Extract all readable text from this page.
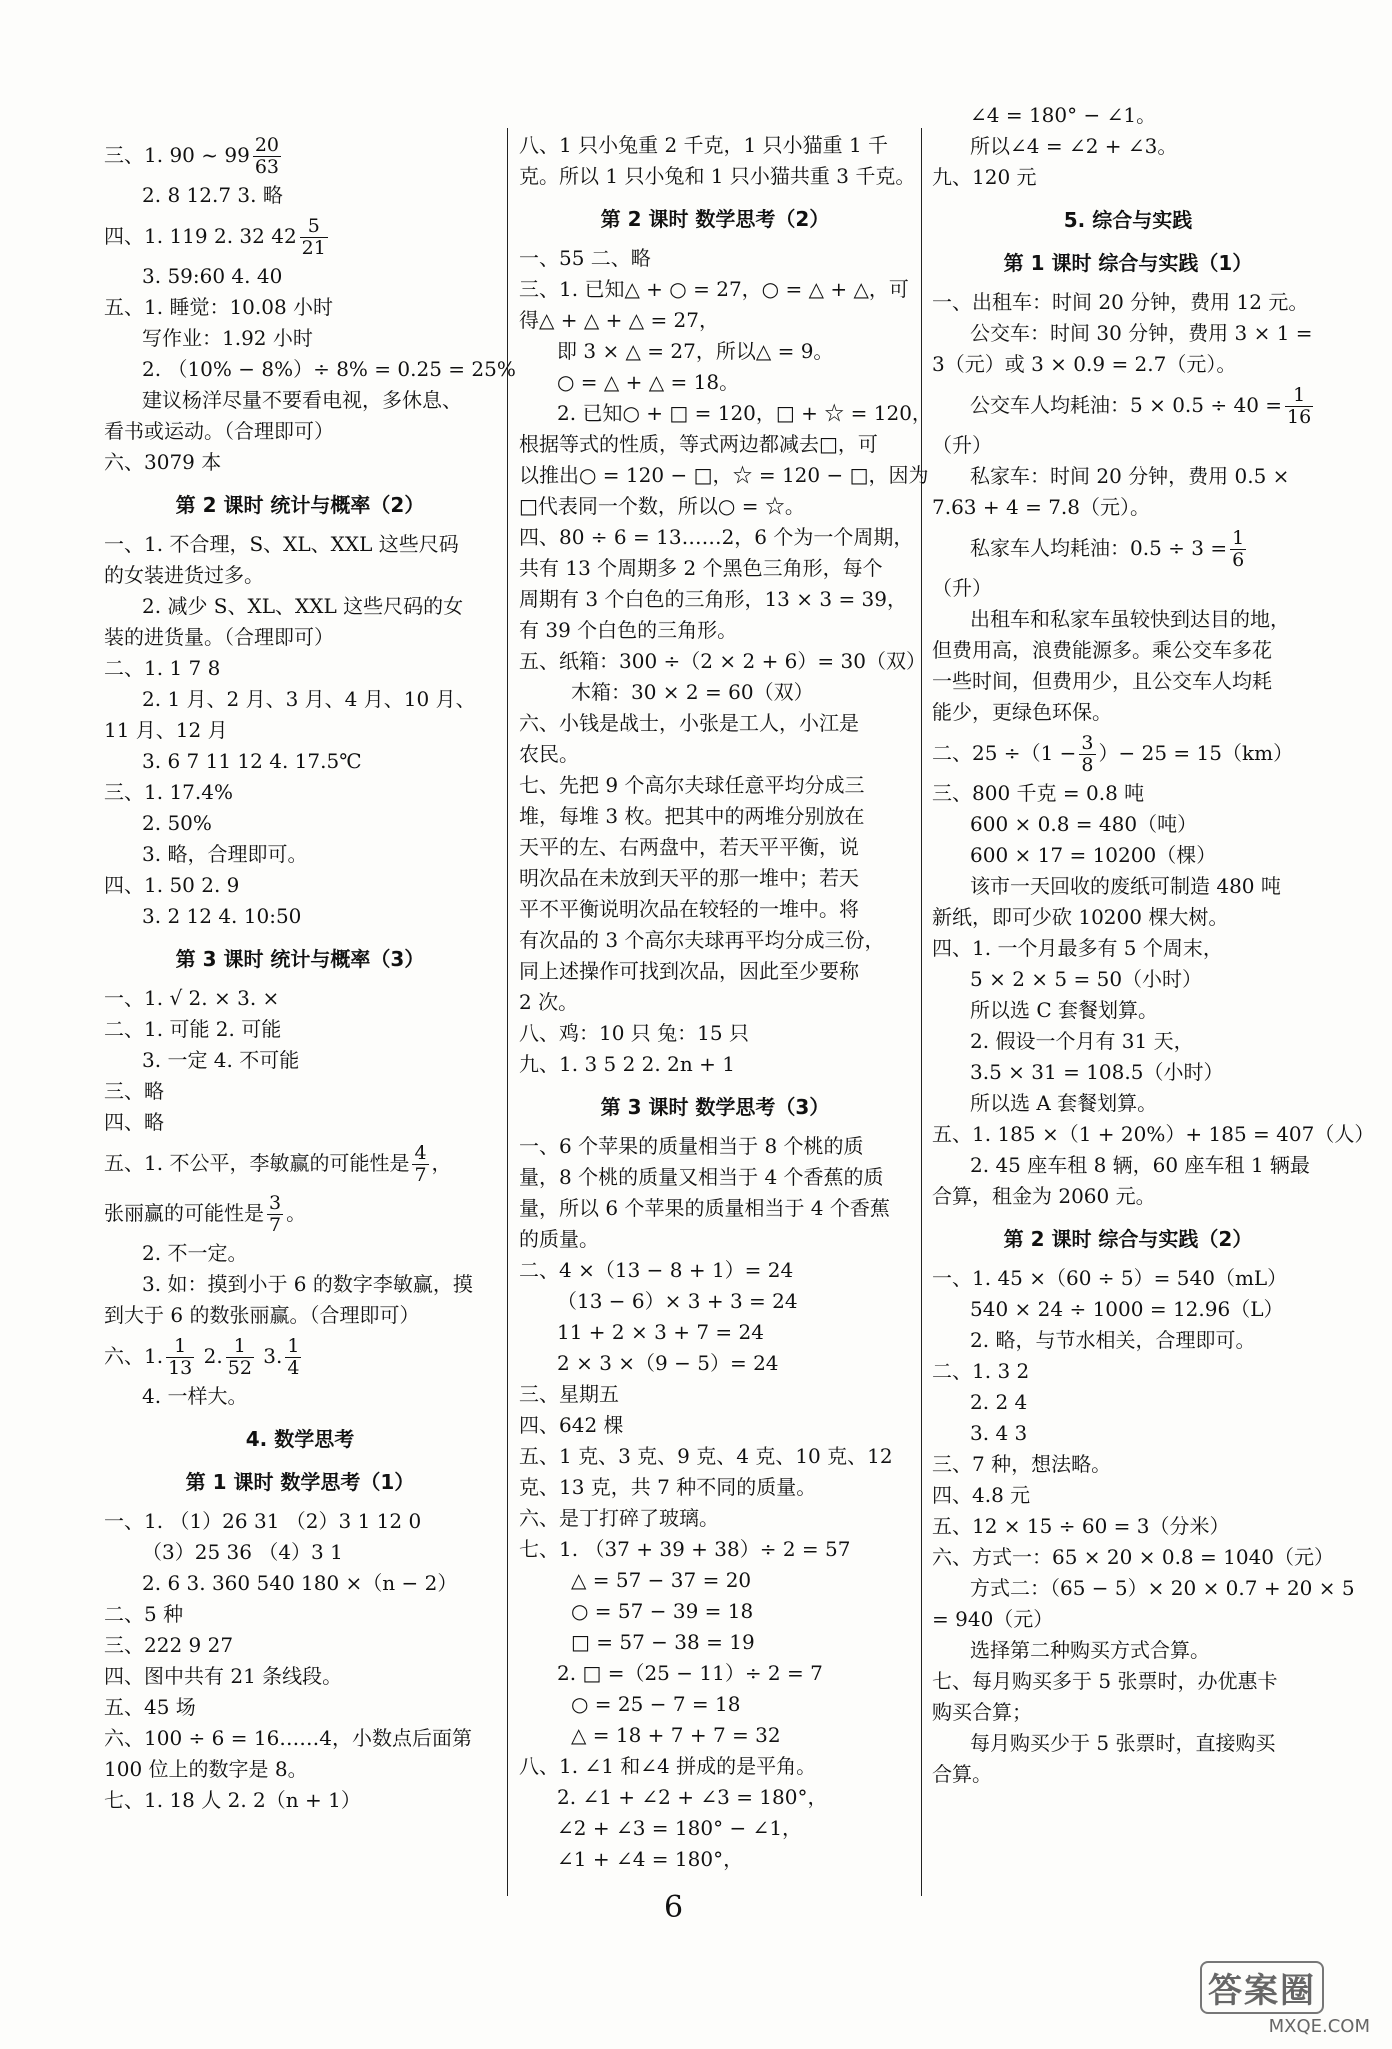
三、1. 90 ~ $99 \frac{20}{63}$
2. 8 12.7 3. 略
四、1. 119 2. 32 $42 \frac{5}{21}$
3. 59:60 4. 40
五、1. 睡觉：10.08 小时
写作业：1.92 小时
2. （10% − 8%）÷ 8% = 0.25 = 25%
建议杨洋尽量不要看电视，多休息、
看书或运动。（合理即可）
六、3079 本
第 2 课时 统计与概率（2）
一、1. 不合理，S、XL、XXL 这些尺码
的女装进货过多。
2. 减少 S、XL、XXL 这些尺码的女
装的进货量。（合理即可）
二、1. 1 7 8
2. 1 月、2 月、3 月、4 月、10 月、
11 月、12 月
3. 6 7 11 12 4. 17.5℃
三、1. 17.4%
2. 50%
3. 略，合理即可。
四、1. 50 2. 9
3. 2 12 4. 10:50
第 3 课时 统计与概率（3）
一、1. √ 2. × 3. ×
二、1. 可能 2. 可能
3. 一定 4. 不可能
三、略
四、略
五、1. 不公平，李敏赢的可能性是 $\frac{4}{7}$ ，
张丽赢的可能性是 $\frac{3}{7}$ 。
2. 不一定。
3. 如：摸到小于 6 的数字李敏赢，摸
到大于 6 的数张丽赢。（合理即可）
六、1. $\frac{1}{13} 2$. $\frac{1}{52} 3$. $\frac{1}{4}$
4. 一样大。
4. 数学思考
第 1 课时 数学思考（1）
一、1. （1）26 31 （2）3 1 12 0
（3）25 36 （4）3 1
2. 6 3. 360 540 180 ×（n − 2）
二、5 种
三、222 9 27
四、图中共有 21 条线段。
五、45 场
六、100 ÷ 6 = 16……4，小数点后面第
100 位上的数字是 8。
七、1. 18 人 2. 2（n + 1）
八、1 只小兔重 2 千克，1 只小猫重 1 千
克。所以 1 只小兔和 1 只小猫共重 3 千克。
第 2 课时 数学思考（2）
一、55 二、略
三、1. 已知△ + ○ = 27，○ = △ + △，可
得△ + △ + △ = 27，
即 3 × △ = 27，所以△ = 9。
○ = △ + △ = 18。
2. 已知○ + □ = 120，□ + ☆ = 120，
根据等式的性质，等式两边都减去□，可
以推出○ = 120 − □，☆ = 120 − □，因为
□代表同一个数，所以○ = ☆。
四、80 ÷ 6 = 13……2，6 个为一个周期，
共有 13 个周期多 2 个黑色三角形，每个
周期有 3 个白色的三角形，13 × 3 = 39，
有 39 个白色的三角形。
五、纸箱：300 ÷（2 × 2 + 6）= 30（双）
木箱：30 × 2 = 60（双）
六、小钱是战士，小张是工人，小江是
农民。
七、先把 9 个高尔夫球任意平均分成三
堆，每堆 3 枚。把其中的两堆分别放在
天平的左、右两盘中，若天平平衡，说
明次品在未放到天平的那一堆中；若天
平不平衡说明次品在较轻的一堆中。将
有次品的 3 个高尔夫球再平均分成三份，
同上述操作可找到次品，因此至少要称
2 次。
八、鸡：10 只 兔：15 只
九、1. 3 5 2 2. 2n + 1
第 3 课时 数学思考（3）
一、6 个苹果的质量相当于 8 个桃的质
量，8 个桃的质量又相当于 4 个香蕉的质
量，所以 6 个苹果的质量相当于 4 个香蕉
的质量。
二、4 ×（13 − 8 + 1）= 24
（13 − 6）× 3 + 3 = 24
11 + 2 × 3 + 7 = 24
2 × 3 ×（9 − 5）= 24
三、星期五
四、642 棵
五、1 克、3 克、9 克、4 克、10 克、12
克、13 克，共 7 种不同的质量。
六、是丁打碎了玻璃。
七、1. （37 + 39 + 38）÷ 2 = 57
△ = 57 − 37 = 20
○ = 57 − 39 = 18
□ = 57 − 38 = 19
2. □ =（25 − 11）÷ 2 = 7
○ = 25 − 7 = 18
△ = 18 + 7 + 7 = 32
八、1. ∠1 和∠4 拼成的是平角。
2. ∠1 + ∠2 + ∠3 = 180°，
∠2 + ∠3 = 180° − ∠1，
∠1 + ∠4 = 180°，
∠4 = 180° − ∠1。
所以∠4 = ∠2 + ∠3。
九、120 元
5. 综合与实践
第 1 课时 综合与实践（1）
一、出租车：时间 20 分钟，费用 12 元。
公交车：时间 30 分钟，费用 3 × 1 =
3（元）或 3 × 0.9 = 2.7（元）。
公交车人均耗油：$5 \times 0.5 \div 40 = \frac{1}{16}$
（升）
私家车：时间 20 分钟，费用 0.5 ×
7.63 + 4 = 7.8（元）。
私家车人均耗油：$0.5 \div 3 = \frac{1}{6}$
（升）
出租车和私家车虽较快到达目的地，
但费用高，浪费能源多。乘公交车多花
一些时间，但费用少，且公交车人均耗
能少，更绿色环保。
二、$25 \div(1 - \frac{3}{8}$ ）− 25 = 15（km）
三、800 千克 = 0.8 吨
600 × 0.8 = 480（吨）
600 × 17 = 10200（棵）
该市一天回收的废纸可制造 480 吨
新纸，即可少砍 10200 棵大树。
四、1. 一个月最多有 5 个周末，
5 × 2 × 5 = 50（小时）
所以选 C 套餐划算。
2. 假设一个月有 31 天，
3.5 × 31 = 108.5（小时）
所以选 A 套餐划算。
五、1. 185 ×（1 + 20%）+ 185 = 407（人）
2. 45 座车租 8 辆，60 座车租 1 辆最
合算，租金为 2060 元。
第 2 课时 综合与实践（2）
一、1. 45 ×（60 ÷ 5）= 540（mL）
540 × 24 ÷ 1000 = 12.96（L）
2. 略，与节水相关，合理即可。
二、1. 3 2
2. 2 4
3. 4 3
三、7 种，想法略。
四、4.8 元
五、12 × 15 ÷ 60 = 3（分米）
六、方式一：65 × 20 × 0.8 = 1040（元）
方式二：（65 − 5）× 20 × 0.7 + 20 × 5
= 940（元）
选择第二种购买方式合算。
七、每月购买多于 5 张票时，办优惠卡
购买合算；
每月购买少于 5 张票时，直接购买
合算。
6
答案圈
MXQE.COM
